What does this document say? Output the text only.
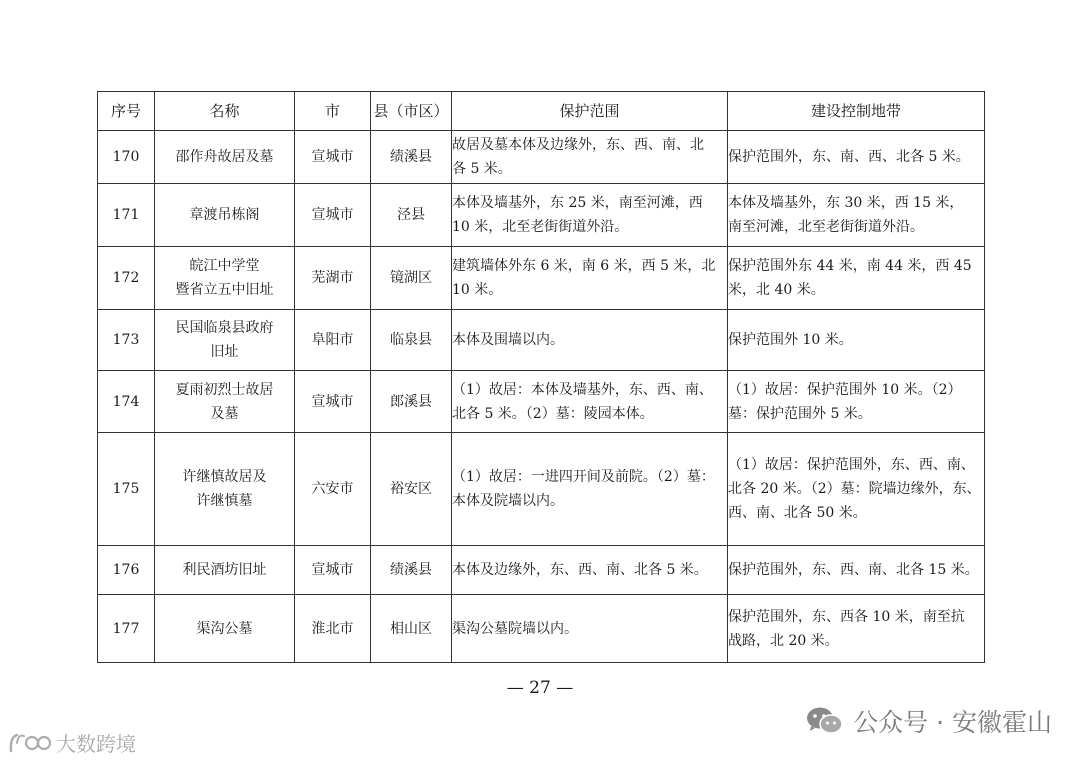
序号	名称	市	县（市区）	保护范围	建设控制地带
170	邵作舟故居及墓	宣城市	绩溪县	故居及墓本体及边缘外，东、西、南、北
各 5 米。	保护范围外，东、南、西、北各 5 米。

171	章渡吊栋阁	宣城市	泾县	本体及墙基外，东 25 米，南至河滩，西
10 米，北至老街街道外沿。	本体及墙基外，东 30 米，西 15 米，
南至河滩，北至老街街道外沿。

172	皖江中学堂
暨省立五中旧址	芜湖市	镜湖区	建筑墙体外东 6 米，南 6 米，西 5 米，北
10 米。	保护范围外东 44 米，南 44 米，西 45
米，北 40 米。

173	民国临泉县政府
旧址	阜阳市	临泉县	本体及围墙以内。	保护范围外 10 米。

174	夏雨初烈士故居
及墓	宣城市	郎溪县	（1）故居：本体及墙基外，东、西、南、
北各 5 米。（2）墓：陵园本体。	（1）故居：保护范围外 10 米。（2）
墓：保护范围外 5 米。

175	许继慎故居及
许继慎墓	六安市	裕安区	（1）故居：一进四开间及前院。（2）墓：
本体及院墙以内。	（1）故居：保护范围外，东、西、南、
北各 20 米。（2）墓：院墙边缘外，东、
西、南、北各 50 米。

176	利民酒坊旧址	宣城市	绩溪县	本体及边缘外，东、西、南、北各 5 米。	保护范围外，东、西、南、北各 15 米。

177	渠沟公墓	淮北市	相山区	渠沟公墓院墙以内。	保护范围外，东、西各 10 米，南至抗
战路，北 20 米。
— 27 —
公众号 · 安徽霍山
大数跨境
